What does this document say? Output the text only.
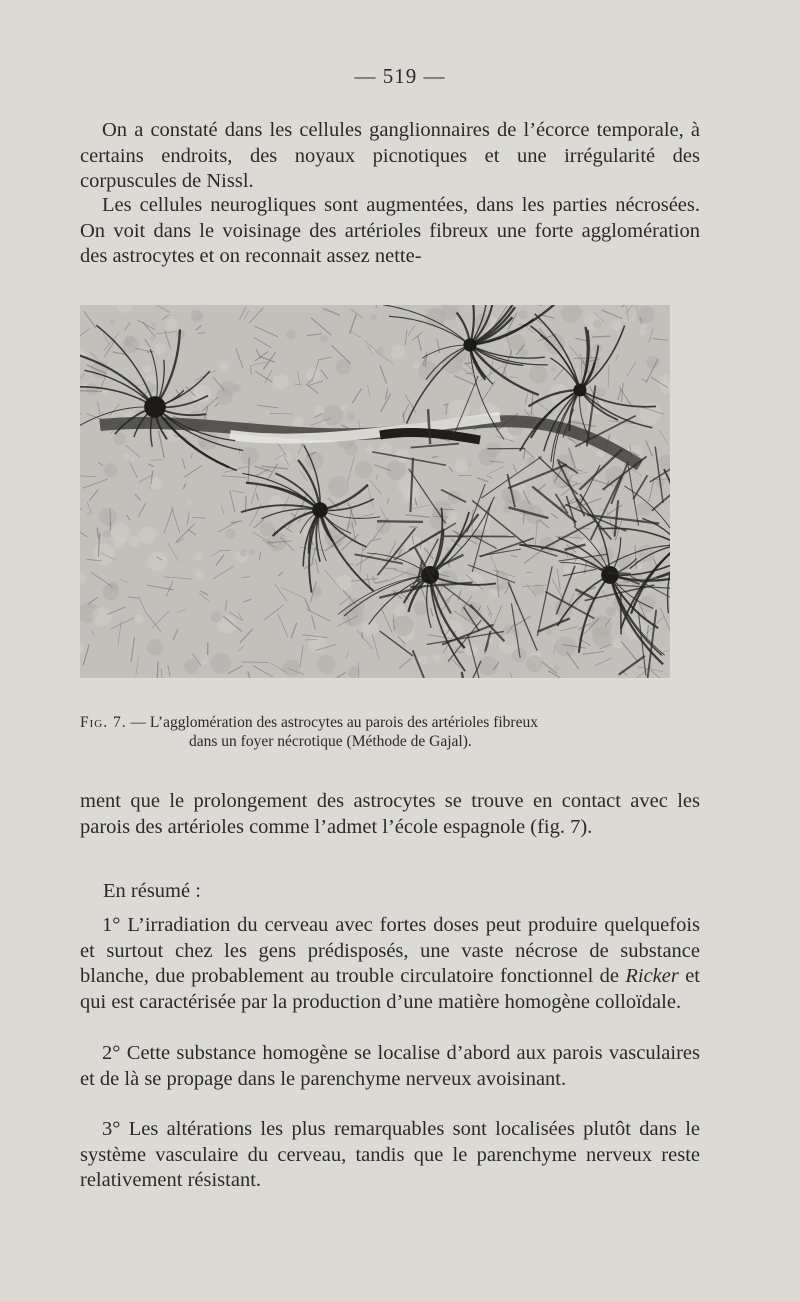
— 519 —

On a constaté dans les cellules ganglionnaires de l’écorce temporale, à certains endroits, des noyaux picnotiques et une irrégularité des corpuscules de Nissl.

Les cellules neurogliques sont augmentées, dans les parties nécrosées. On voit dans le voisinage des artérioles fibreux une forte agglomération des astrocytes et on reconnait assez nette-

Fig. 7. — L’agglomération des astrocytes au parois des artérioles fibreux
dans un foyer nécrotique (Méthode de Gajal).

ment que le prolongement des astrocytes se trouve en contact avec les parois des artérioles comme l’admet l’école espagnole (fig. 7).

En résumé :

1° L’irradiation du cerveau avec fortes doses peut produire quelquefois et surtout chez les gens prédisposés, une vaste nécrose de substance blanche, due probablement au trouble circulatoire fonctionnel de Ricker et qui est caractérisée par la production d’une matière homogène colloïdale.

2° Cette substance homogène se localise d’abord aux parois vasculaires et de là se propage dans le parenchyme nerveux avoisinant.

3° Les altérations les plus remarquables sont localisées plutôt dans le système vasculaire du cerveau, tandis que le parenchyme nerveux reste relativement résistant.
